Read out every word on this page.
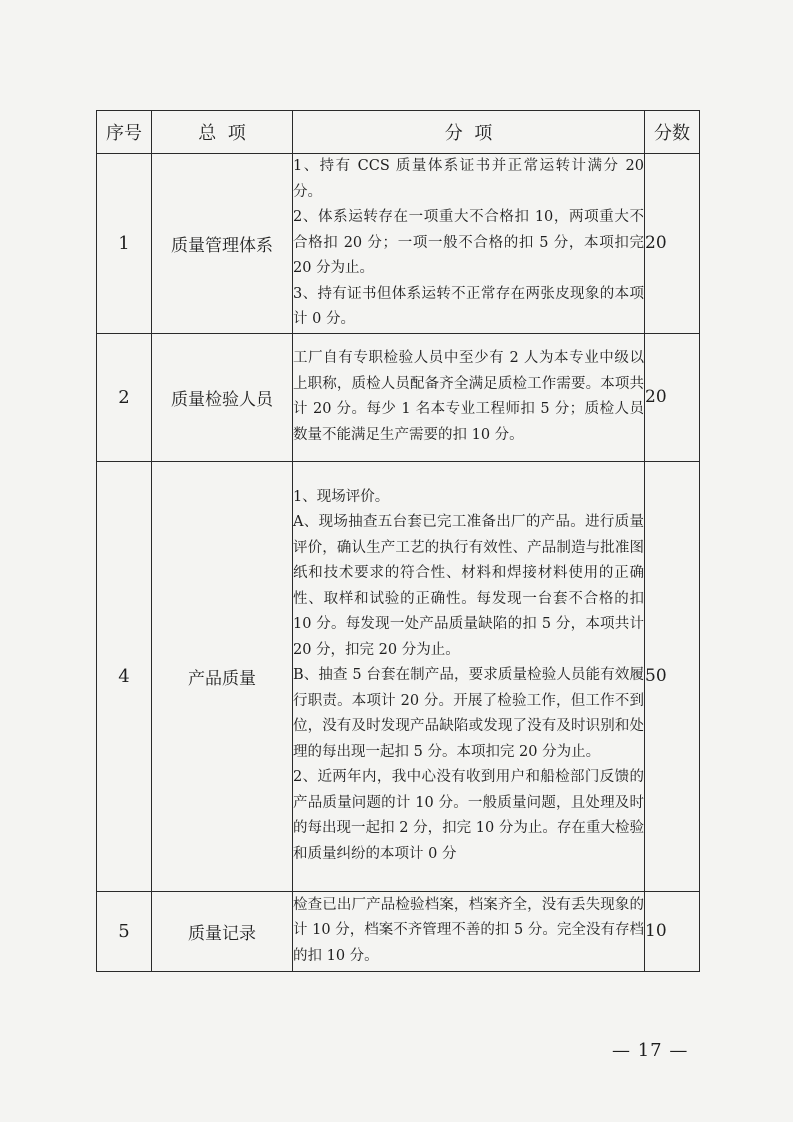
序号	总  项	分  项	分数
1	质量管理体系	1、持有 CCS 质量体系证书并正常运转计满分 20 分。

2、体系运转存在一项重大不合格扣 10，两项重大不合格扣 20 分；一项一般不合格的扣 5 分，本项扣完 20 分为止。

3、持有证书但体系运转不正常存在两张皮现象的本项计 0 分。	20
2	质量检验人员	工厂自有专职检验人员中至少有 2 人为本专业中级以上职称，质检人员配备齐全满足质检工作需要。本项共计 20 分。每少 1 名本专业工程师扣 5 分；质检人员数量不能满足生产需要的扣 10 分。	20
4	产品质量	1、现场评价。

A、现场抽查五台套已完工准备出厂的产品。进行质量评价，确认生产工艺的执行有效性、产品制造与批准图纸和技术要求的符合性、材料和焊接材料使用的正确性、取样和试验的正确性。每发现一台套不合格的扣 10 分。每发现一处产品质量缺陷的扣 5 分，本项共计 20 分，扣完 20 分为止。

B、抽查 5 台套在制产品，要求质量检验人员能有效履行职责。本项计 20 分。开展了检验工作，但工作不到位，没有及时发现产品缺陷或发现了没有及时识别和处理的每出现一起扣 5 分。本项扣完 20 分为止。

2、近两年内，我中心没有收到用户和船检部门反馈的产品质量问题的计 10 分。一般质量问题，且处理及时的每出现一起扣 2 分，扣完 10 分为止。存在重大检验和质量纠纷的本项计 0 分	50
5	质量记录	检查已出厂产品检验档案，档案齐全，没有丢失现象的计 10 分，档案不齐管理不善的扣 5 分。完全没有存档的扣 10 分。	10
— 17 —
